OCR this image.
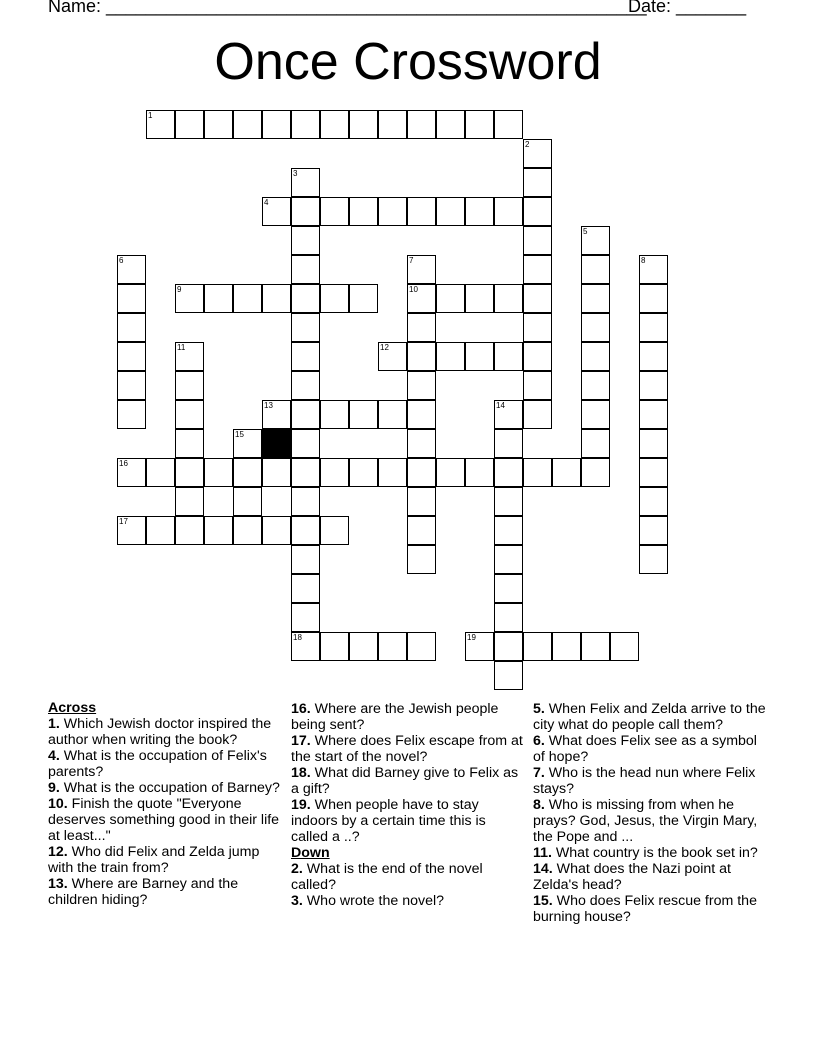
Name: ______________________________________________________
Date: _______
Once Crossword
1
2
3
4
5
6	7
10
8
9
11	12
13	14
15
16
17
18	19
Across
1. Which Jewish doctor inspired the author when writing the book?
4. What is the occupation of Felix's parents?
9. What is the occupation of Barney?
10. Finish the quote "Everyone deserves something good in their life at least..."
12. Who did Felix and Zelda jump with the train from?
13. Where are Barney and the children hiding?
16. Where are the Jewish people being sent?
17. Where does Felix escape from at the start of the novel?
18. What did Barney give to Felix as a gift?
19. When people have to stay indoors by a certain time this is called a ..?
Down
2. What is the end of the novel called?
3. Who wrote the novel?
5. When Felix and Zelda arrive to the city what do people call them?
6. What does Felix see as a symbol of hope?
7. Who is the head nun where Felix stays?
8. Who is missing from when he prays? God, Jesus, the Virgin Mary, the Pope and ...
11. What country is the book set in?
14. What does the Nazi point at Zelda's head?
15. Who does Felix rescue from the burning house?
